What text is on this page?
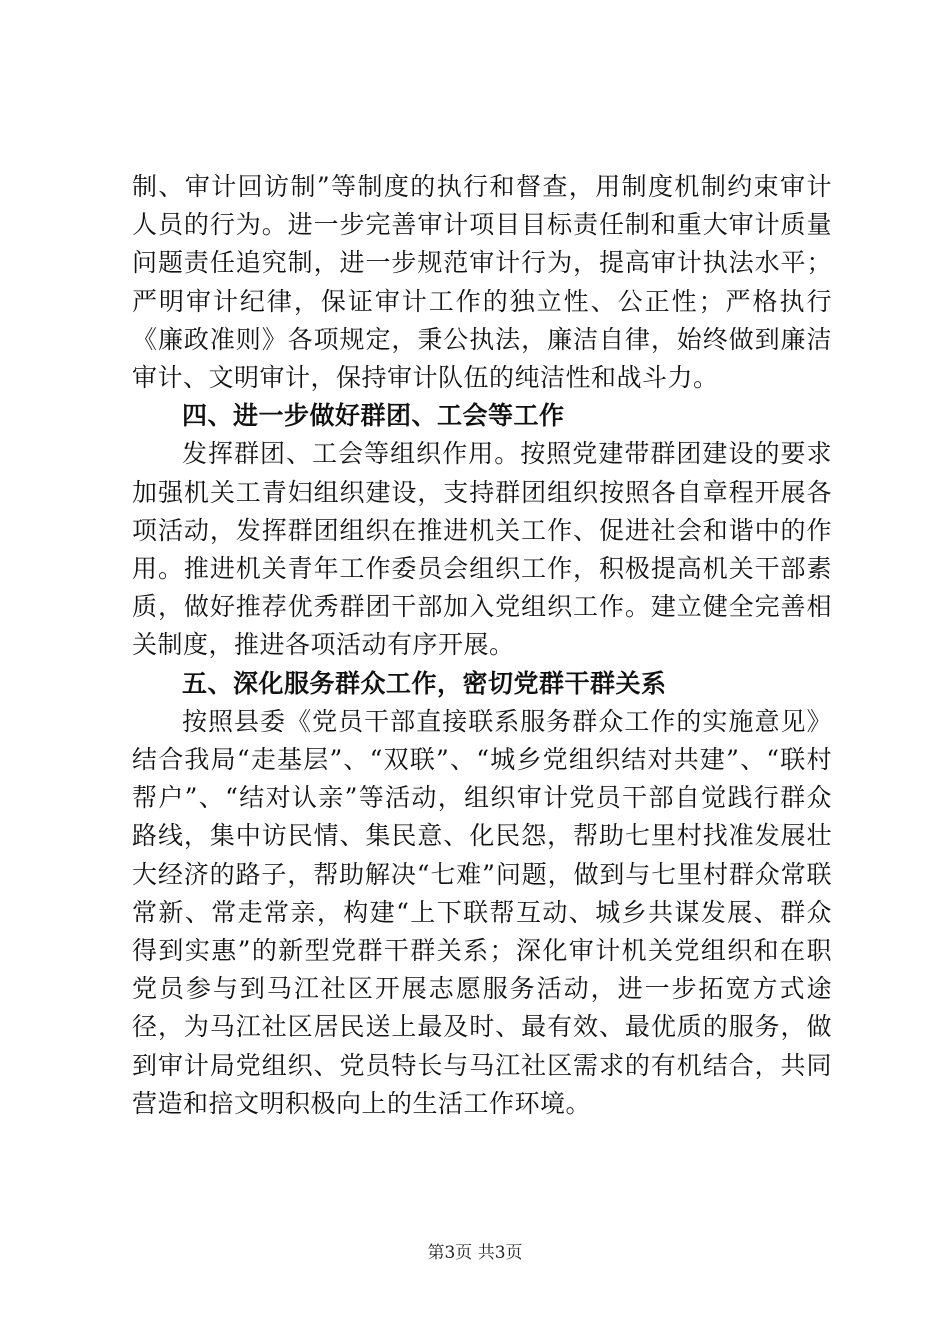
制、审计回访制”等制度的执行和督查，用制度机制约束审计人员的行为。进一步完善审计项目目标责任制和重大审计质量问题责任追究制，进一步规范审计行为，提高审计执法水平；严明审计纪律，保证审计工作的独立性、公正性；严格执行《廉政准则》各项规定，秉公执法，廉洁自律，始终做到廉洁审计、文明审计，保持审计队伍的纯洁性和战斗力。

四、进一步做好群团、工会等工作

发挥群团、工会等组织作用。按照党建带群团建设的要求加强机关工青妇组织建设，支持群团组织按照各自章程开展各项活动，发挥群团组织在推进机关工作、促进社会和谐中的作用。推进机关青年工作委员会组织工作，积极提高机关干部素质，做好推荐优秀群团干部加入党组织工作。建立健全完善相关制度，推进各项活动有序开展。

五、深化服务群众工作，密切党群干群关系

按照县委《党员干部直接联系服务群众工作的实施意见》结合我局“走基层”、“双联”、“城乡党组织结对共建”、“联村帮户”、“结对认亲”等活动，组织审计党员干部自觉践行群众路线，集中访民情、集民意、化民怨，帮助七里村找准发展壮大经济的路子，帮助解决“七难”问题，做到与七里村群众常联常新、常走常亲，构建“上下联帮互动、城乡共谋发展、群众得到实惠”的新型党群干群关系；深化审计机关党组织和在职党员参与到马江社区开展志愿服务活动，进一步拓宽方式途径，为马江社区居民送上最及时、最有效、最优质的服务，做到审计局党组织、党员特长与马江社区需求的有机结合，共同营造和掊文明积极向上的生活工作环境。

第3页 共3页
